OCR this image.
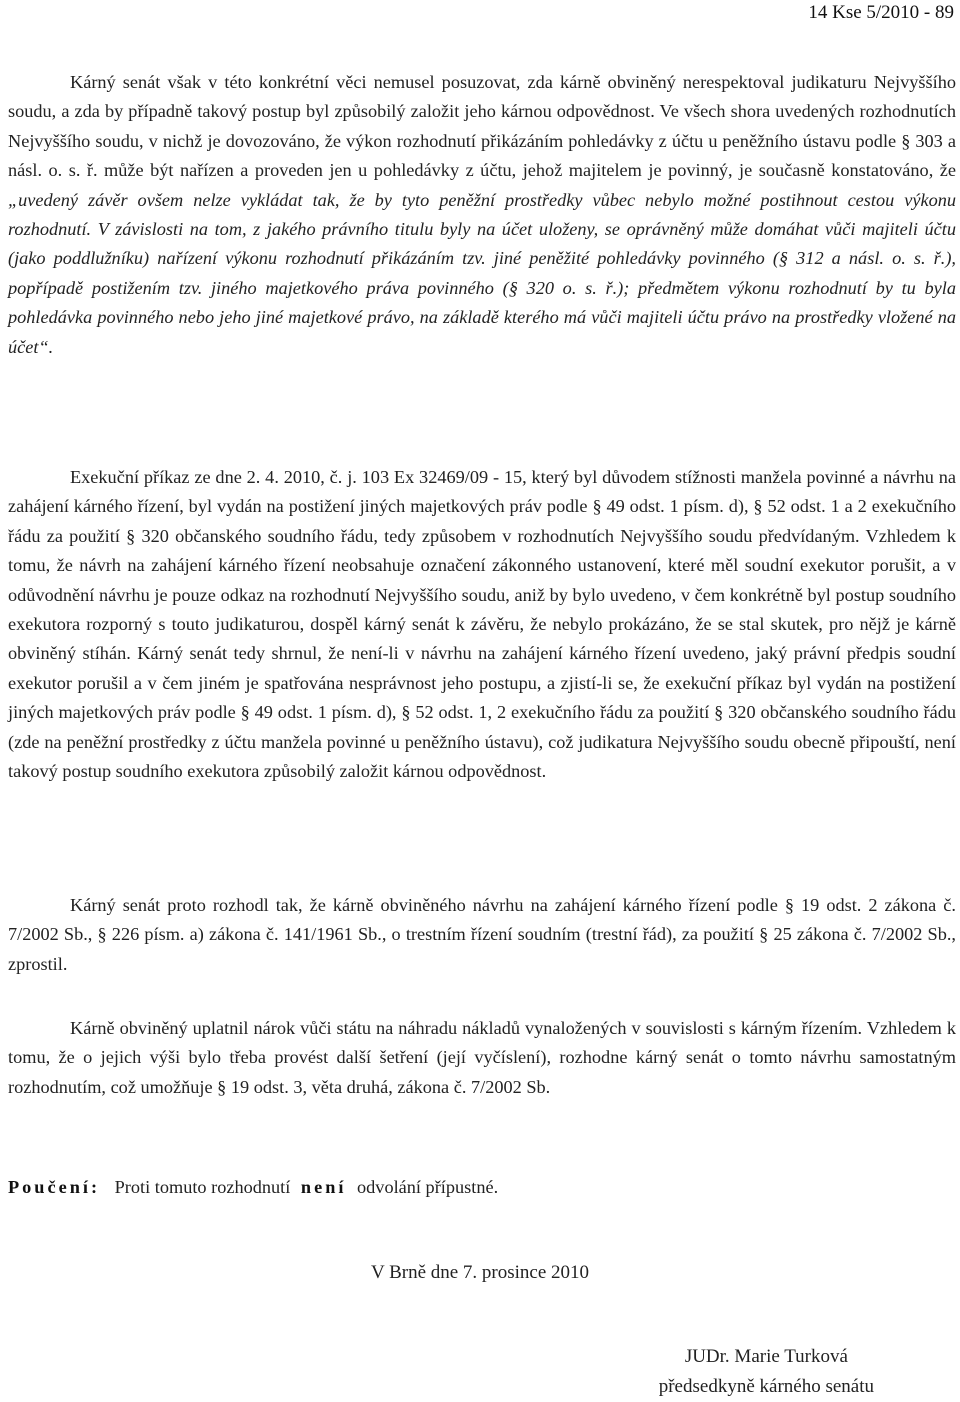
14 Kse 5/2010 - 89

Kárný senát však v této konkrétní věci nemusel posuzovat, zda kárně obviněný nerespektoval judikaturu Nejvyššího soudu, a zda by případně takový postup byl způsobilý založit jeho kárnou odpovědnost. Ve všech shora uvedených rozhodnutích Nejvyššího soudu, v nichž je dovozováno, že výkon rozhodnutí přikázáním pohledávky z účtu u peněžního ústavu podle § 303 a násl. o. s. ř. může být nařízen a proveden jen u pohledávky z účtu, jehož majitelem je povinný, je současně konstatováno, že „uvedený závěr ovšem nelze vykládat tak, že by tyto peněžní prostředky vůbec nebylo možné postihnout cestou výkonu rozhodnutí. V závislosti na tom, z jakého právního titulu byly na účet uloženy, se oprávněný může domáhat vůči majiteli účtu (jako poddlužníku) nařízení výkonu rozhodnutí přikázáním tzv. jiné peněžité pohledávky povinného (§ 312 a násl. o. s. ř.), popřípadě postižením tzv. jiného majetkového práva povinného (§ 320 o. s. ř.); předmětem výkonu rozhodnutí by tu byla pohledávka povinného nebo jeho jiné majetkové právo, na základě kterého má vůči majiteli účtu právo na prostředky vložené na účet“.

Exekuční příkaz ze dne 2. 4. 2010, č. j. 103 Ex 32469/09 - 15, který byl důvodem stížnosti manžela povinné a návrhu na zahájení kárného řízení, byl vydán na postižení jiných majetkových práv podle § 49 odst. 1 písm. d), § 52 odst. 1 a 2 exekučního řádu za použití § 320 občanského soudního řádu, tedy způsobem v rozhodnutích Nejvyššího soudu předvídaným. Vzhledem k tomu, že návrh na zahájení kárného řízení neobsahuje označení zákonného ustanovení, které měl soudní exekutor porušit, a v odůvodnění návrhu je pouze odkaz na rozhodnutí Nejvyššího soudu, aniž by bylo uvedeno, v čem konkrétně byl postup soudního exekutora rozporný s touto judikaturou, dospěl kárný senát k závěru, že nebylo prokázáno, že se stal skutek, pro nějž je kárně obviněný stíhán. Kárný senát tedy shrnul, že není-li v návrhu na zahájení kárného řízení uvedeno, jaký právní předpis soudní exekutor porušil a v čem jiném je spatřována nesprávnost jeho postupu, a zjistí-li se, že exekuční příkaz byl vydán na postižení jiných majetkových práv podle § 49 odst. 1 písm. d), § 52 odst. 1, 2 exekučního řádu za použití § 320 občanského soudního řádu (zde na peněžní prostředky z účtu manžela povinné u peněžního ústavu), což judikatura Nejvyššího soudu obecně připouští, není takový postup soudního exekutora způsobilý založit kárnou odpovědnost.

Kárný senát proto rozhodl tak, že kárně obviněného návrhu na zahájení kárného řízení podle § 19 odst. 2 zákona č. 7/2002 Sb., § 226 písm. a) zákona č. 141/1961 Sb., o trestním řízení soudním (trestní řád), za použití § 25 zákona č. 7/2002 Sb., zprostil.

Kárně obviněný uplatnil nárok vůči státu na náhradu nákladů vynaložených v souvislosti s kárným řízením. Vzhledem k tomu, že o jejich výši bylo třeba provést další šetření (její vyčíslení), rozhodne kárný senát o tomto návrhu samostatným rozhodnutím, což umožňuje § 19 odst. 3, věta druhá, zákona č. 7/2002 Sb.

Poučení: Proti tomuto rozhodnutí není odvolání přípustné.
V Brně dne 7. prosince 2010
JUDr. Marie Turková
předsedkyně kárného senátu
